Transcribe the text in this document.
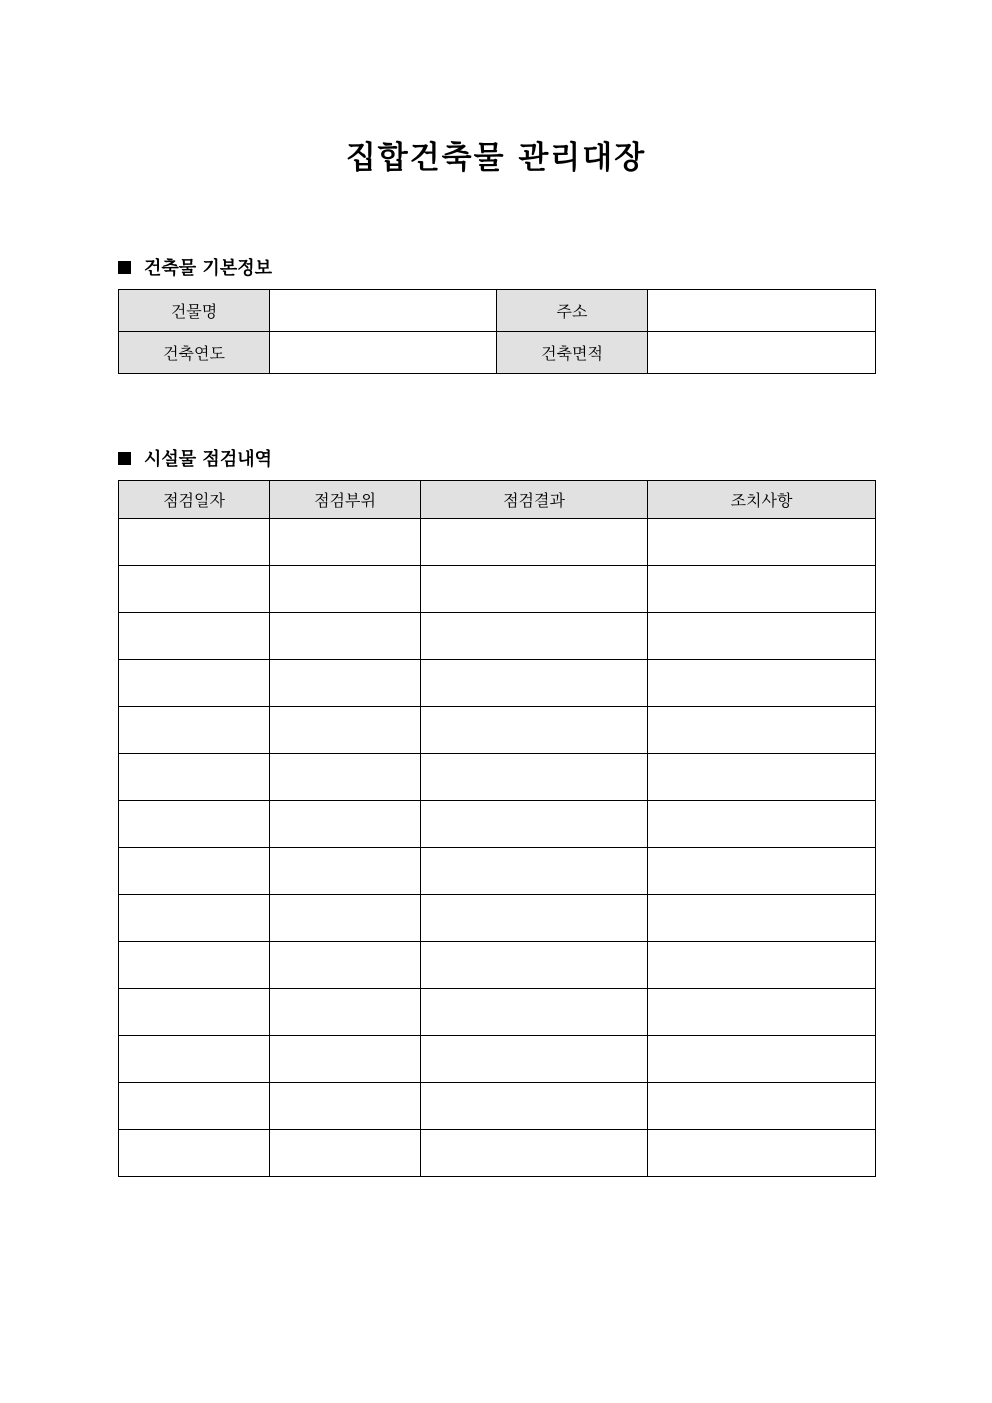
집합건축물 관리대장
건축물 기본정보
건물명		주소	
건축연도		건축면적	
시설물 점검내역
점검일자	점검부위	점검결과	조치사항
